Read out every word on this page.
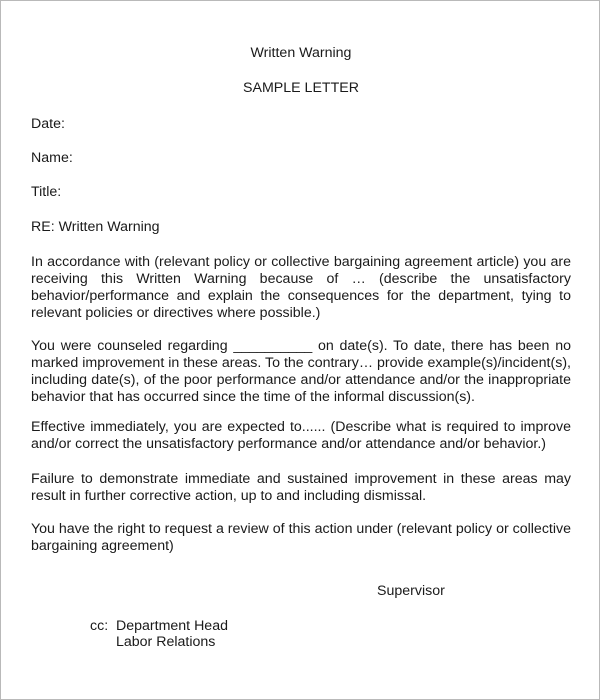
Written Warning
SAMPLE LETTER
Date:
Name:
Title:
RE: Written Warning
In accordance with (relevant policy or collective bargaining agreement article) you are
receiving this Written Warning because of … (describe the unsatisfactory
behavior/performance and explain the consequences for the department, tying to
relevant policies or directives where possible.)
You were counseled regarding __________ on date(s). To date, there has been no
marked improvement in these areas. To the contrary… provide example(s)/incident(s),
including date(s), of the poor performance and/or attendance and/or the inappropriate
behavior that has occurred since the time of the informal discussion(s).
Effective immediately, you are expected to...... (Describe what is required to improve
and/or correct the unsatisfactory performance and/or attendance and/or behavior.)
Failure to demonstrate immediate and sustained improvement in these areas may
result in further corrective action, up to and including dismissal.
You have the right to request a review of this action under (relevant policy or collective
bargaining agreement)
Supervisor
cc: Department Head
Labor Relations
